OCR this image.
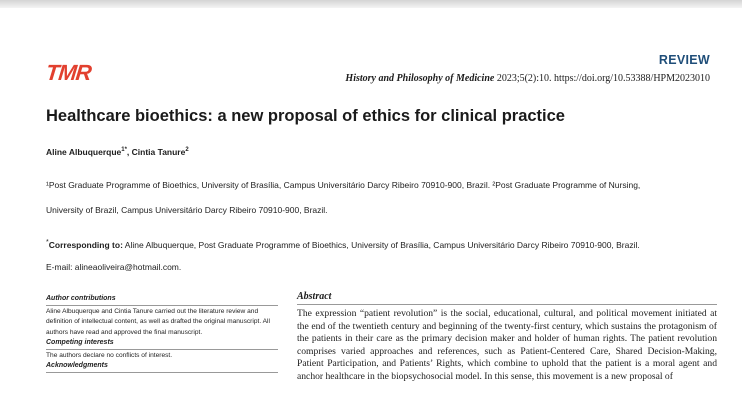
TMR	REVIEW
History and Philosophy of Medicine 2023;5(2):10. https://doi.org/10.53388/HPM2023010
Healthcare bioethics: a new proposal of ethics for clinical practice
Aline Albuquerque$^{1*}$, Cintia Tanure$^2$
¹Post Graduate Programme of Bioethics, University of Brasília, Campus Universitário Darcy Ribeiro 70910-900, Brazil. ²Post Graduate Programme of Nursing,
University of Brazil, Campus Universitário Darcy Ribeiro 70910-900, Brazil.
*Corresponding to: Aline Albuquerque, Post Graduate Programme of Bioethics, University of Brasília, Campus Universitário Darcy Ribeiro 70910-900, Brazil.
E-mail: alineaoliveira@hotmail.com.
Author contributions

Aline Albuquerque and Cintia Tanure carried out the literature review and definition of intellectual content, as well as drafted the original manuscript. All authors have read and approved the final manuscript.

Competing interests

The authors declare no conflicts of interest.

Acknowledgments
Abstract

The expression “patient revolution” is the social, educational, cultural, and political movement initiated at the end of the twentieth century and beginning of the twenty-first century, which sustains the protagonism of the patients in their care as the primary decision maker and holder of human rights. The patient revolution comprises varied approaches and references, such as Patient-Centered Care, Shared Decision-Making, Patient Participation, and Patients’ Rights, which combine to uphold that the patient is a moral agent and anchor healthcare in the biopsychosocial model. In this sense, this movement is a new proposal of
